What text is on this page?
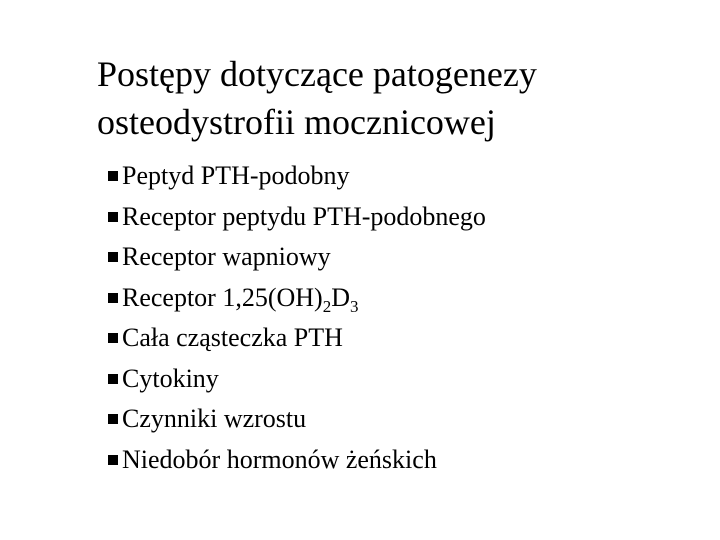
Postępy dotyczące patogenezy
osteodystrofii mocznicowej
Peptyd PTH-podobny
Receptor peptydu PTH-podobnego
Receptor wapniowy
Receptor $1,25(OH)_2D_3$
Cała cząsteczka PTH
Cytokiny
Czynniki wzrostu
Niedobór hormonów żeńskich
